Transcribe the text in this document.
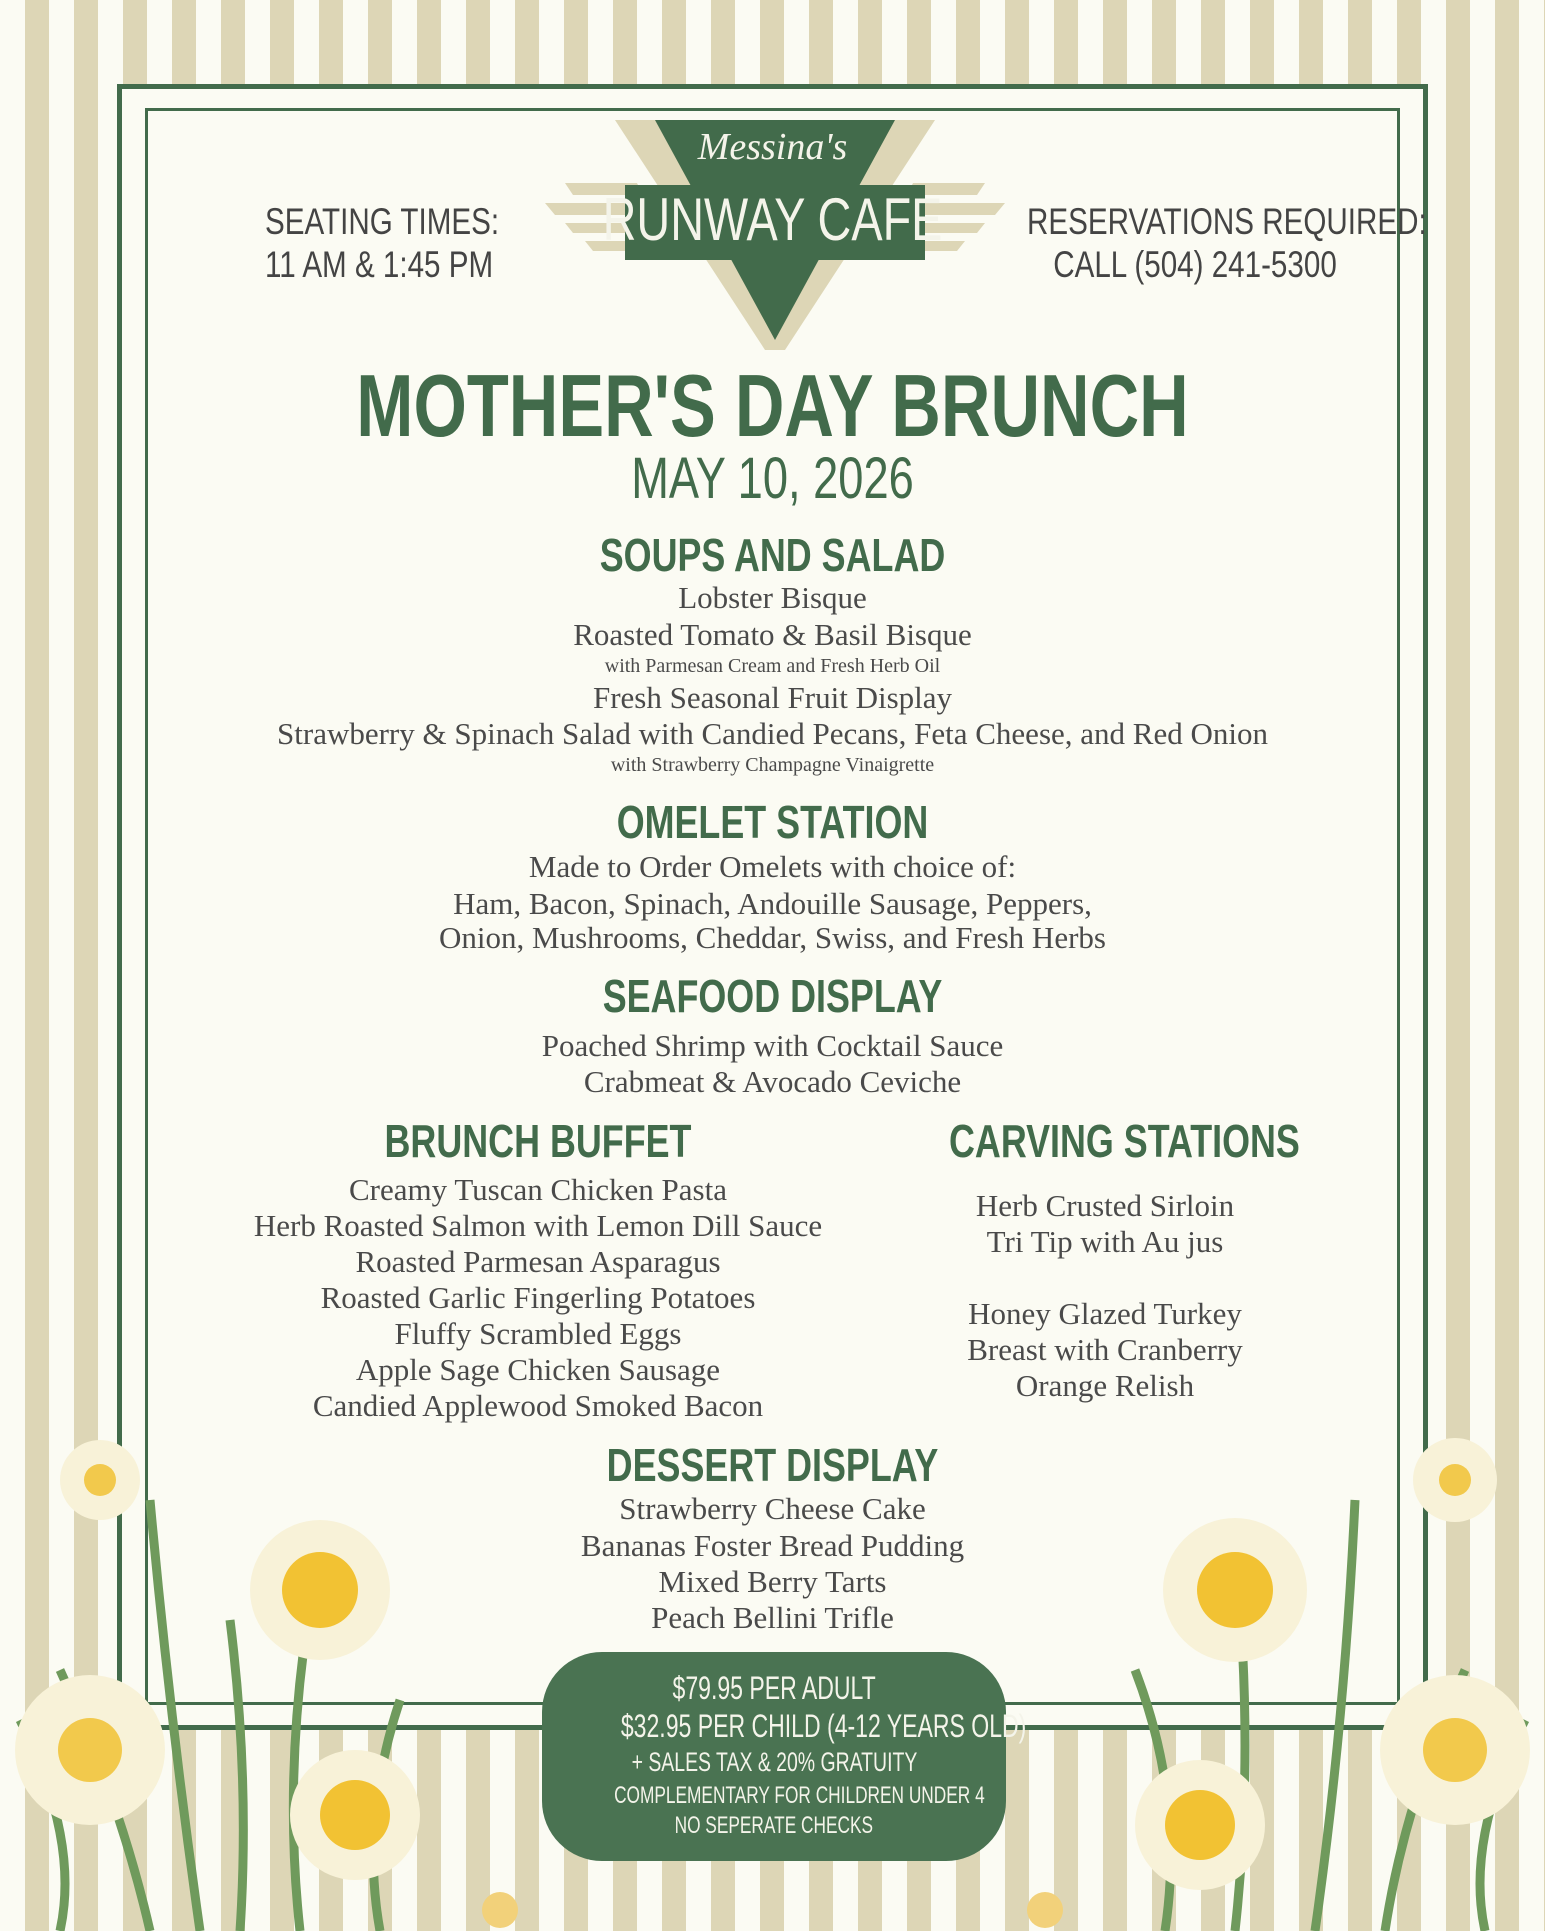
Messina's
RUNWAY CAFE
SEATING TIMES:
11 AM & 1:45 PM
RESERVATIONS REQUIRED:
CALL (504) 241-5300
MOTHER'S DAY BRUNCH
MAY 10, 2026
SOUPS AND SALAD
Lobster Bisque
Roasted Tomato & Basil Bisque
with Parmesan Cream and Fresh Herb Oil
Fresh Seasonal Fruit Display
Strawberry & Spinach Salad with Candied Pecans, Feta Cheese, and Red Onion
with Strawberry Champagne Vinaigrette
OMELET STATION
Made to Order Omelets with choice of:
Ham, Bacon, Spinach, Andouille Sausage, Peppers,
Onion, Mushrooms, Cheddar, Swiss, and Fresh Herbs
SEAFOOD DISPLAY
Poached Shrimp with Cocktail Sauce
Crabmeat & Avocado Ceviche
BRUNCH BUFFET
Creamy Tuscan Chicken Pasta
Herb Roasted Salmon with Lemon Dill Sauce
Roasted Parmesan Asparagus
Roasted Garlic Fingerling Potatoes
Fluffy Scrambled Eggs
Apple Sage Chicken Sausage
Candied Applewood Smoked Bacon
CARVING STATIONS
Herb Crusted Sirloin
Tri Tip with Au jus
Honey Glazed Turkey
Breast with Cranberry
Orange Relish
DESSERT DISPLAY
Strawberry Cheese Cake
Bananas Foster Bread Pudding
Mixed Berry Tarts
Peach Bellini Trifle
$79.95 PER ADULT
$32.95 PER CHILD (4-12 YEARS OLD)
+ SALES TAX & 20% GRATUITY
COMPLEMENTARY FOR CHILDREN UNDER 4
NO SEPERATE CHECKS
